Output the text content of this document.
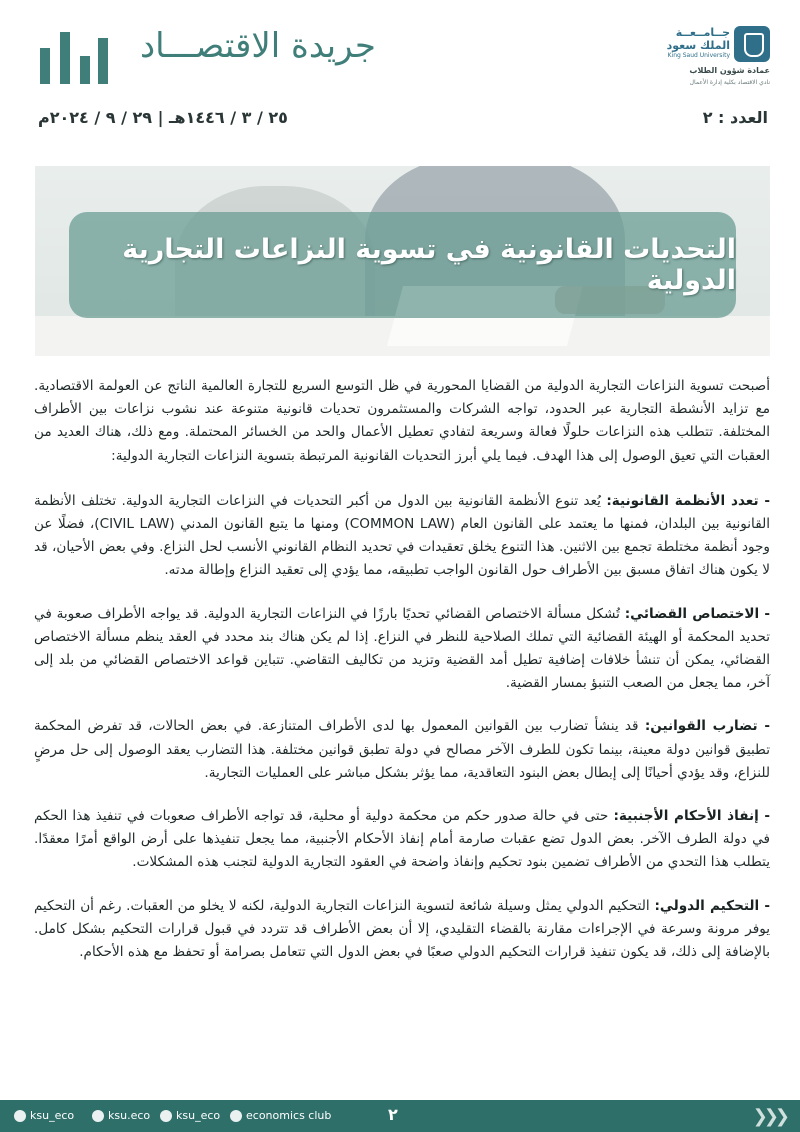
جريدة الاقتصـــاد	جــامــعــة الملك سعود
King Saud University
عمادة شؤون الطلاب
نادي الاقتصاد بكلية إدارة الأعمال
العدد : ٢
٢٥ / ٣ / ١٤٤٦هـ | ٢٩ / ٩ / ٢٠٢٤م
التحديات القانونية في تسوية النزاعات التجارية الدولية

أصبحت تسوية النزاعات التجارية الدولية من القضايا المحورية في ظل التوسع السريع للتجارة العالمية الناتج عن العولمة الاقتصادية. مع تزايد الأنشطة التجارية عبر الحدود، تواجه الشركات والمستثمرون تحديات قانونية متنوعة عند نشوب نزاعات بين الأطراف المختلفة. تتطلب هذه النزاعات حلولًا فعالة وسريعة لتفادي تعطيل الأعمال والحد من الخسائر المحتملة. ومع ذلك، هناك العديد من العقبات التي تعيق الوصول إلى هذا الهدف. فيما يلي أبرز التحديات القانونية المرتبطة بتسوية النزاعات التجارية الدولية:

- تعدد الأنظمة القانونية: يُعد تنوع الأنظمة القانونية بين الدول من أكبر التحديات في النزاعات التجارية الدولية. تختلف الأنظمة القانونية بين البلدان، فمنها ما يعتمد على القانون العام (COMMON LAW) ومنها ما يتبع القانون المدني (CIVIL LAW)، فضلًا عن وجود أنظمة مختلطة تجمع بين الاثنين. هذا التنوع يخلق تعقيدات في تحديد النظام القانوني الأنسب لحل النزاع. وفي بعض الأحيان، قد لا يكون هناك اتفاق مسبق بين الأطراف حول القانون الواجب تطبيقه، مما يؤدي إلى تعقيد النزاع وإطالة مدته.

- الاختصاص القضائي: تُشكل مسألة الاختصاص القضائي تحديًا بارزًا في النزاعات التجارية الدولية. قد يواجه الأطراف صعوبة في تحديد المحكمة أو الهيئة القضائية التي تملك الصلاحية للنظر في النزاع. إذا لم يكن هناك بند محدد في العقد ينظم مسألة الاختصاص القضائي، يمكن أن تنشأ خلافات إضافية تطيل أمد القضية وتزيد من تكاليف التقاضي. تتباين قواعد الاختصاص القضائي من بلد إلى آخر، مما يجعل من الصعب التنبؤ بمسار القضية.

- تضارب القوانين: قد ينشأ تضارب بين القوانين المعمول بها لدى الأطراف المتنازعة. في بعض الحالات، قد تفرض المحكمة تطبيق قوانين دولة معينة، بينما تكون للطرف الآخر مصالح في دولة تطبق قوانين مختلفة. هذا التضارب يعقد الوصول إلى حل مرضٍ للنزاع، وقد يؤدي أحيانًا إلى إبطال بعض البنود التعاقدية، مما يؤثر بشكل مباشر على العمليات التجارية.

- إنفاذ الأحكام الأجنبية: حتى في حالة صدور حكم من محكمة دولية أو محلية، قد تواجه الأطراف صعوبات في تنفيذ هذا الحكم في دولة الطرف الآخر. بعض الدول تضع عقبات صارمة أمام إنفاذ الأحكام الأجنبية، مما يجعل تنفيذها على أرض الواقع أمرًا معقدًا. يتطلب هذا التحدي من الأطراف تضمين بنود تحكيم وإنفاذ واضحة في العقود التجارية الدولية لتجنب هذه المشكلات.

- التحكيم الدولي: التحكيم الدولي يمثل وسيلة شائعة لتسوية النزاعات التجارية الدولية، لكنه لا يخلو من العقبات. رغم أن التحكيم يوفر مرونة وسرعة في الإجراءات مقارنة بالقضاء التقليدي، إلا أن بعض الأطراف قد تتردد في قبول قرارات التحكيم بشكل كامل. بالإضافة إلى ذلك، قد يكون تنفيذ قرارات التحكيم الدولي صعبًا في بعض الدول التي تتعامل بصرامة أو تحفظ مع هذه الأحكام.

ksu_eco	ksu.eco ksu_eco economics club	٢	❯❯❯
